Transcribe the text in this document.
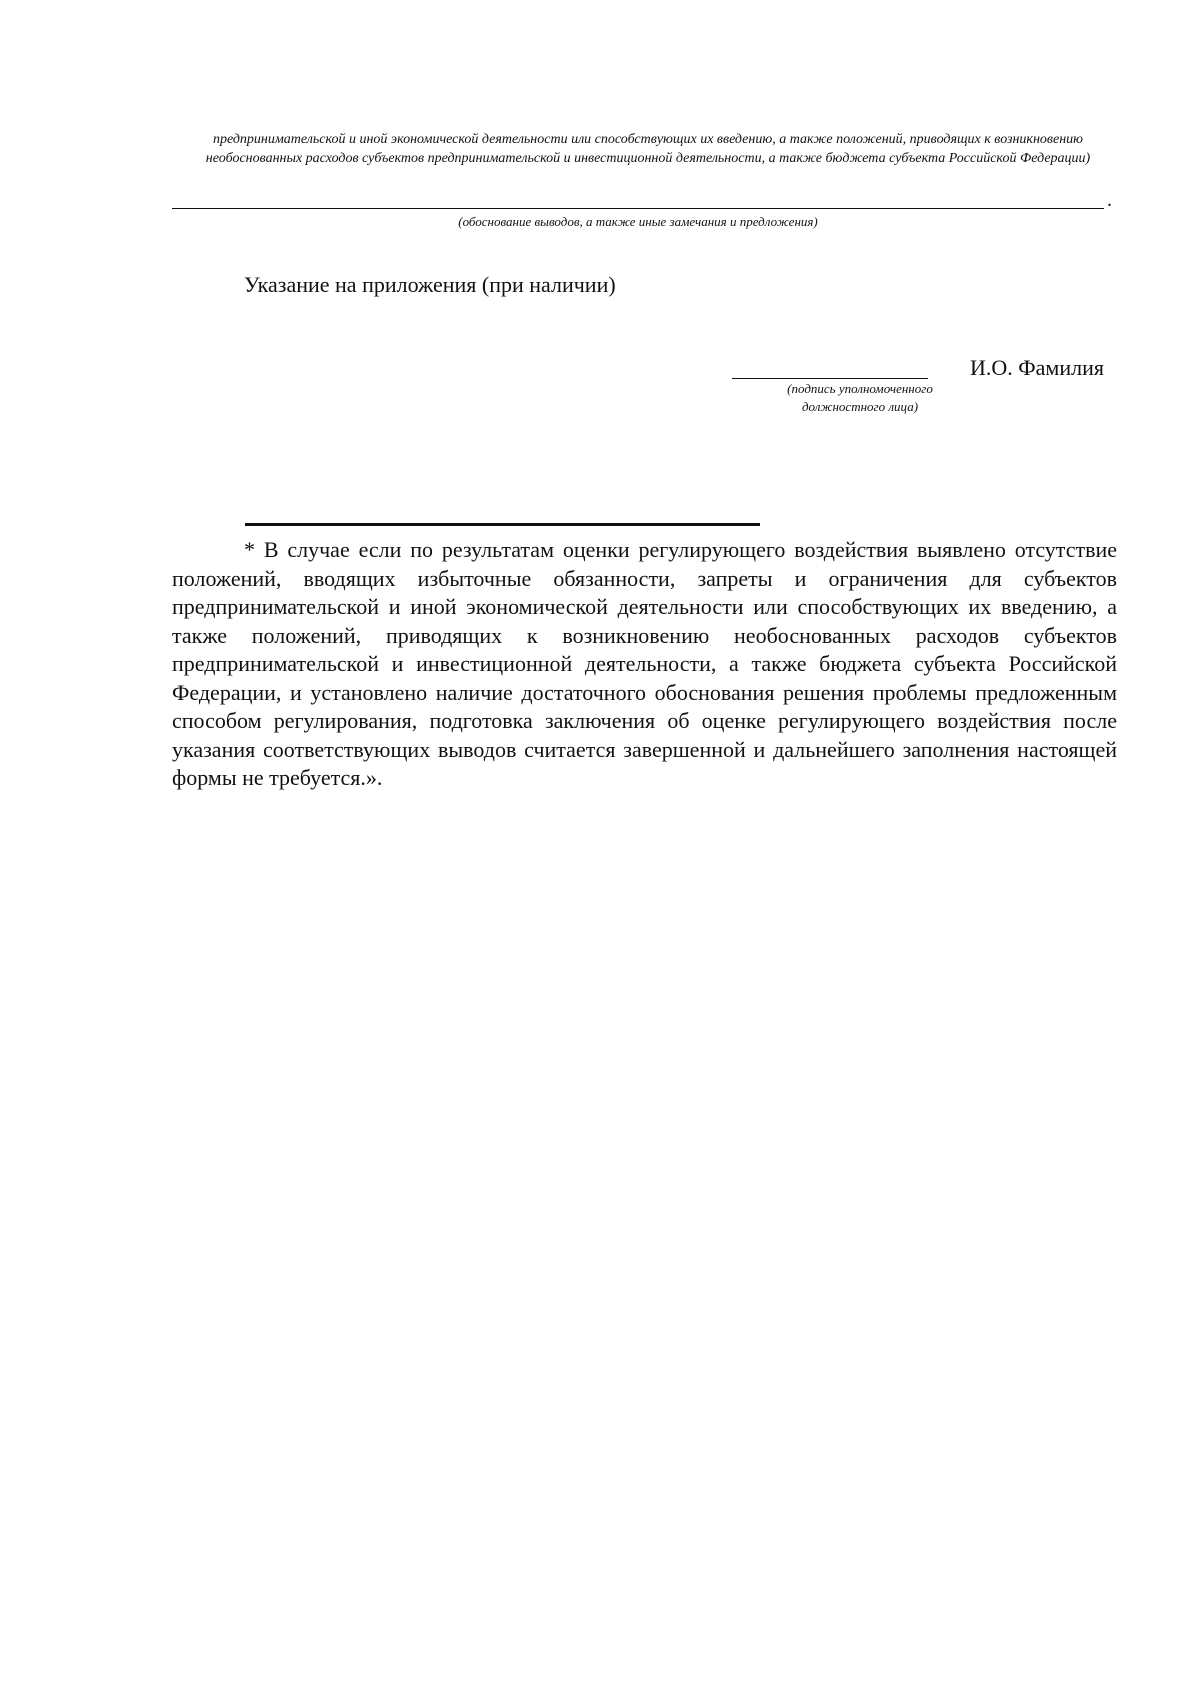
предпринимательской и иной экономической деятельности или способствующих их введению, а также положений, приводящих к возникновению необоснованных расходов субъектов предпринимательской и инвестиционной деятельности, а также бюджета субъекта Российской Федерации)
.
(обоснование выводов, а также иные замечания и предложения)
Указание на приложения (при наличии)
И.О. Фамилия
(подпись уполномоченного
должностного лица)

* В случае если по результатам оценки регулирующего воздействия выявлено отсутствие положений, вводящих избыточные обязанности, запреты и ограничения для субъектов предпринимательской и иной экономической деятельности или способствующих их введению, а также положений, приводящих к возникновению необоснованных расходов субъектов предпринимательской и инвестиционной деятельности, а также бюджета субъекта Российской Федерации, и установлено наличие достаточного обоснования решения проблемы предложенным способом регулирования, подготовка заключения об оценке регулирующего воздействия после указания соответствующих выводов считается завершенной и дальнейшего заполнения настоящей формы не требуется.».
